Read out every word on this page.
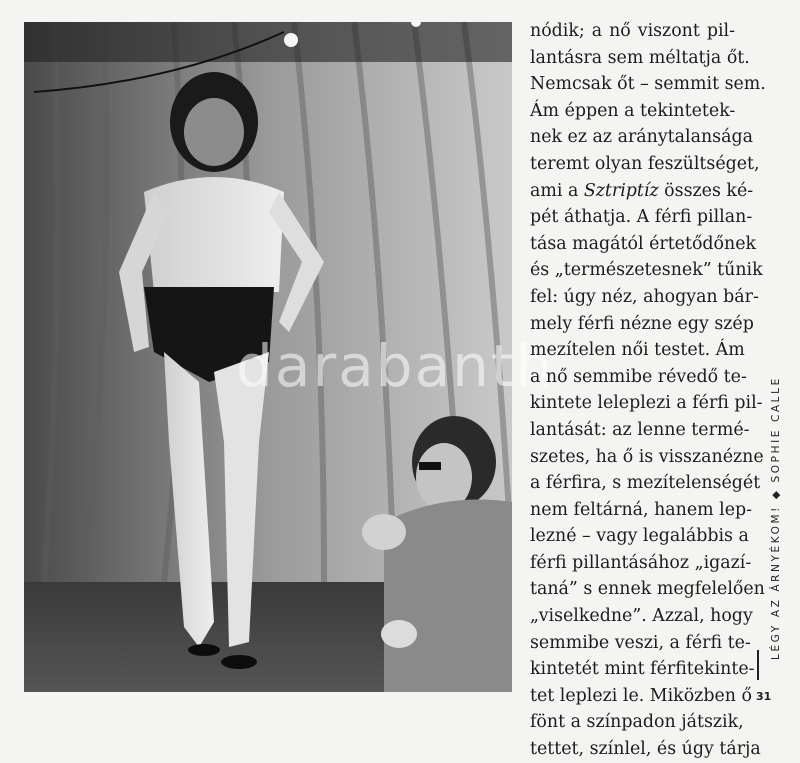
darabanth
nódik; a nő viszont pil-
lantásra sem méltatja őt.
Nemcsak őt – semmit sem.
Ám éppen a tekintetek-
nek ez az aránytalansága
teremt olyan feszültséget,
ami a Sztriptíz összes ké-
pét áthatja. A férfi pillan-
tása magától értetődőnek
és „természetesnek” tűnik
fel: úgy néz, ahogyan bár-
mely férfi nézne egy szép
mezítelen női testet. Ám
a nő semmibe révedő te-
kintete leleplezi a férfi pil-
lantását: az lenne termé-
szetes, ha ő is visszanézne
a férfira, s mezítelenségét
nem feltárná, hanem lep-
lezné – vagy legalábbis a
férfi pillantásához „igazí-
taná” s ennek megfelelően
„viselkedne”. Azzal, hogy
semmibe veszi, a férfi te-
kintetét mint férfitekinte-
tet leplezi le. Miközben ő
fönt a színpadon játszik,
tettet, színlel, és úgy tárja
LÉGY AZ ÁRNYÉKOM! ◆ SOPHIE CALLE
31
